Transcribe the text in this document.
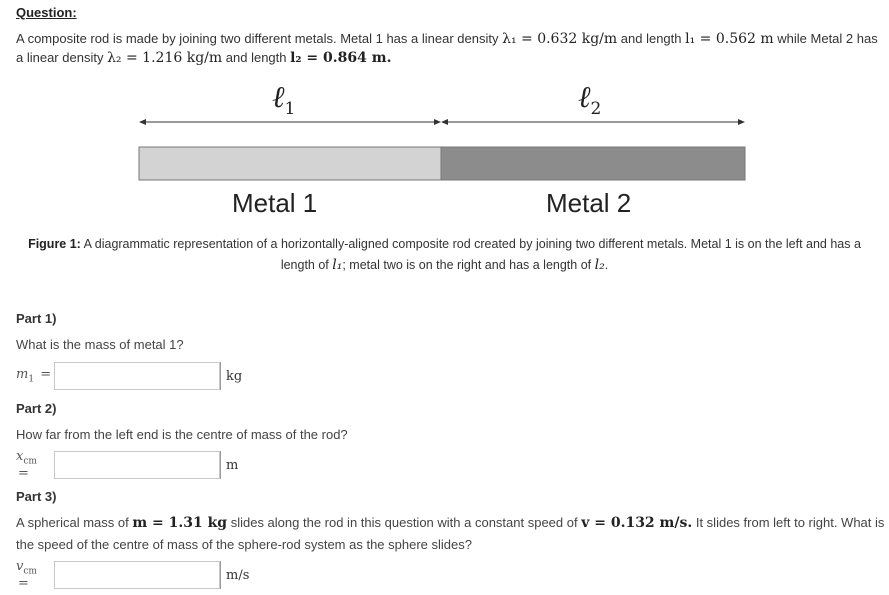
Question:
A composite rod is made by joining two different metals. Metal 1 has a linear density λ₁ = 0.632 kg/m and length l₁ = 0.562 m while Metal 2 has
a linear density λ₂ = 1.216 kg/m and length l₂ = 0.864 m.
ℓ$_1$	ℓ$_2$
Metal 1	Metal 2
Figure 1: A diagrammatic representation of a horizontally-aligned composite rod created by joining two different metals. Metal 1 is on the left and has a length of l₁; metal two is on the right and has a length of l₂.
Part 1)
What is the mass of metal 1?
$m_1$ =	kg
Part 2)
How far from the left end is the centre of mass of the rod?
$x_{cm}$ =
m
Part 3)
A spherical mass of m = 1.31 kg slides along the rod in this question with a constant speed of v = 0.132 m/s. It slides from left to right. What is
the speed of the centre of mass of the sphere-rod system as the sphere slides?
$v_{cm}$ =
m/s
